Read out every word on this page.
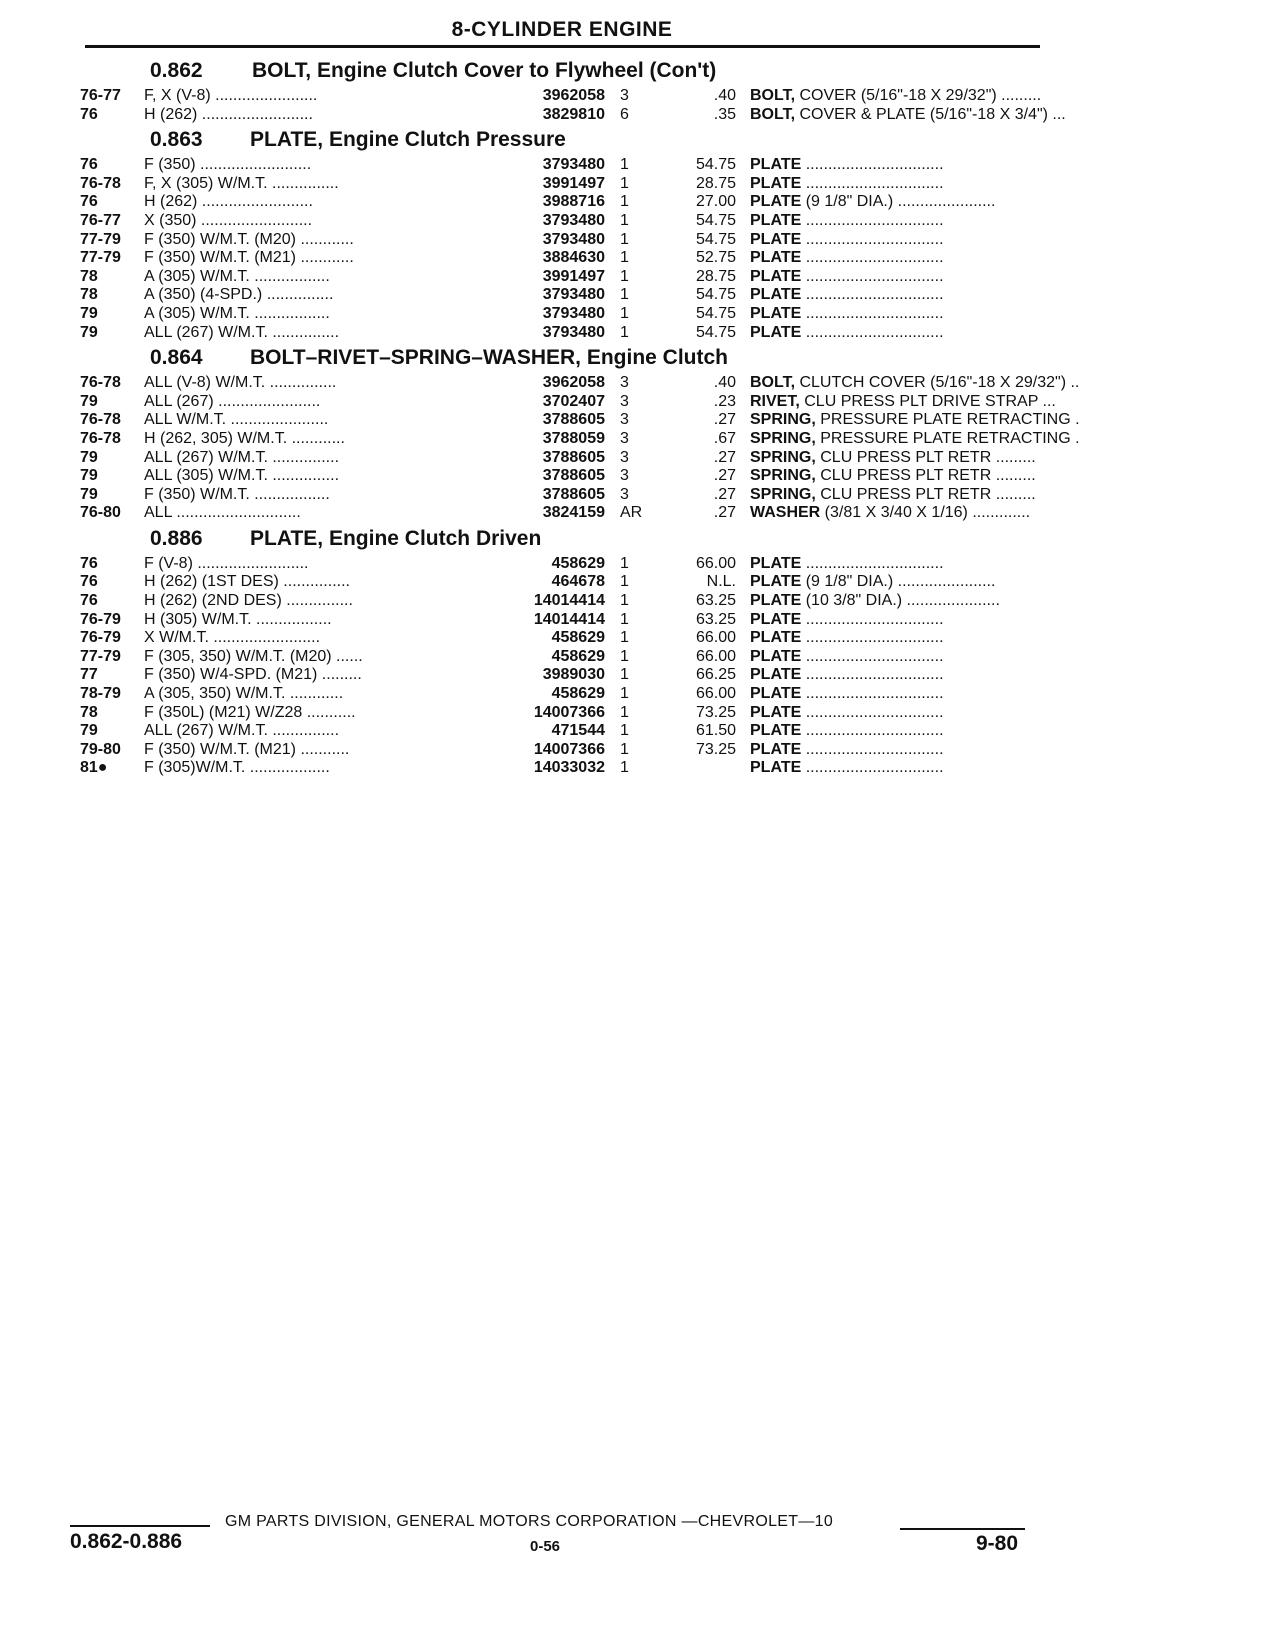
8-CYLINDER ENGINE
0.862 BOLT, Engine Clutch Cover to Flywheel (Con't)
76-77	F, X (V-8) .......................	3962058 3	.40 BOLT, COVER (5/16"-18 X 29/32") .........
76	H (262) .........................	3829810 6	.35 BOLT, COVER & PLATE (5/16"-18 X 3/4") ...
0.863 PLATE, Engine Clutch Pressure
76	F (350) .........................	3793480 1	54.75 PLATE ...............................
76-78	F, X (305) W/M.T. ...............	3991497 1	28.75 PLATE ...............................
76	H (262) .........................	3988716 1	27.00 PLATE (9 1/8" DIA.) ......................
76-77	X (350) .........................	3793480 1	54.75 PLATE ...............................
77-79	F (350) W/M.T. (M20) ............	3793480 1	54.75 PLATE ...............................
77-79	F (350) W/M.T. (M21) ............	3884630 1	52.75 PLATE ...............................
78	A (305) W/M.T. .................	3991497 1	28.75 PLATE ...............................
78	A (350) (4-SPD.) ...............	3793480 1	54.75 PLATE ...............................
79	A (305) W/M.T. .................	3793480 1	54.75 PLATE ...............................
79	ALL (267) W/M.T. ...............	3793480 1	54.75 PLATE ...............................
0.864 BOLT–RIVET–SPRING–WASHER, Engine Clutch
76-78	ALL (V-8) W/M.T. ...............	3962058 3	.40 BOLT, CLUTCH COVER (5/16"-18 X 29/32") ..
79	ALL (267) .......................	3702407 3	.23 RIVET, CLU PRESS PLT DRIVE STRAP ...
76-78	ALL W/M.T. ......................	3788605 3	.27 SPRING, PRESSURE PLATE RETRACTING .
76-78	H (262, 305) W/M.T. ............	3788059 3	.67 SPRING, PRESSURE PLATE RETRACTING .
79	ALL (267) W/M.T. ...............	3788605 3	.27 SPRING, CLU PRESS PLT RETR .........
79	ALL (305) W/M.T. ...............	3788605 3	.27 SPRING, CLU PRESS PLT RETR .........
79	F (350) W/M.T. .................	3788605 3	.27 SPRING, CLU PRESS PLT RETR .........
76-80	ALL ............................	3824159 AR	.27 WASHER (3/81 X 3/40 X 1/16) .............
0.886 PLATE, Engine Clutch Driven
76	F (V-8) .........................	458629 1	66.00 PLATE ...............................
76	H (262) (1ST DES) ...............	464678 1	N.L. PLATE (9 1/8" DIA.) ......................
76	H (262) (2ND DES) ...............	14014414 1	63.25 PLATE (10 3/8" DIA.) .....................
76-79	H (305) W/M.T. .................	14014414 1	63.25 PLATE ...............................
76-79	X W/M.T. ........................	458629 1	66.00 PLATE ...............................
77-79	F (305, 350) W/M.T. (M20) ......	458629 1	66.00 PLATE ...............................
77	F (350) W/4-SPD. (M21) .........	3989030 1	66.25 PLATE ...............................
78-79	A (305, 350) W/M.T. ............	458629 1	66.00 PLATE ...............................
78	F (350L) (M21) W/Z28 ...........	14007366 1	73.25 PLATE ...............................
79	ALL (267) W/M.T. ...............	471544 1	61.50 PLATE ...............................
79-80	F (350) W/M.T. (M21) ...........	14007366 1	73.25 PLATE ...............................
81●	F (305)W/M.T. ..................	14033032 1	PLATE ...............................
GM PARTS DIVISION, GENERAL MOTORS CORPORATION —CHEVROLET—10
0.862-0.886	0-56	9-80
